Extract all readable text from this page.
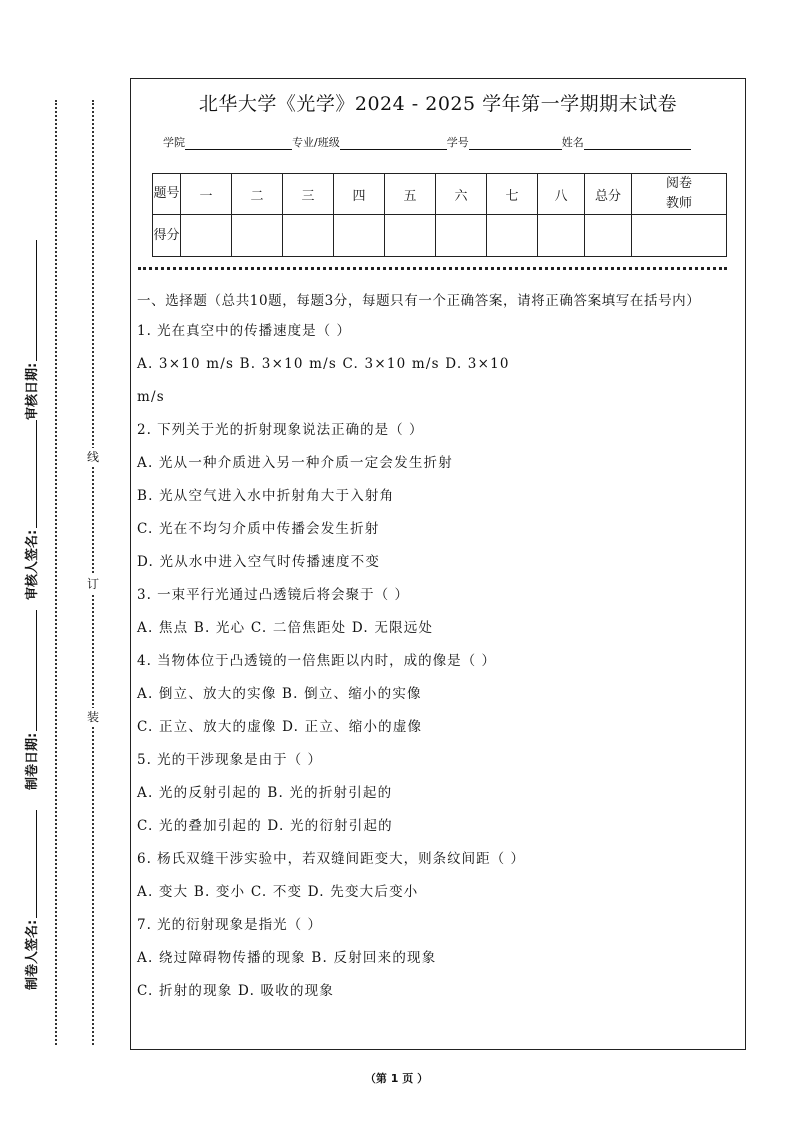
审核日期:
审核人签名:
制卷日期:
制卷人签名:
线
订
装
北华大学《光学》2024 - 2025 学年第一学期期末试卷
学院	专业/班级	学号	姓名
题号	一	二	三	四	五	六	七	八	总分	阅卷教师

得分										
一、选择题（总共10题，每题3分，每题只有一个正确答案，请将正确答案填写在括号内）
1. 光在真空中的传播速度是（ ）
A. 3×10 m/s B. 3×10 m/s C. 3×10 m/s D. 3×10
m/s
2. 下列关于光的折射现象说法正确的是（ ）
A. 光从一种介质进入另一种介质一定会发生折射
B. 光从空气进入水中折射角大于入射角
C. 光在不均匀介质中传播会发生折射
D. 光从水中进入空气时传播速度不变
3. 一束平行光通过凸透镜后将会聚于（ ）
A. 焦点 B. 光心 C. 二倍焦距处 D. 无限远处
4. 当物体位于凸透镜的一倍焦距以内时，成的像是（ ）
A. 倒立、放大的实像 B. 倒立、缩小的实像
C. 正立、放大的虚像 D. 正立、缩小的虚像
5. 光的干涉现象是由于（ ）
A. 光的反射引起的 B. 光的折射引起的
C. 光的叠加引起的 D. 光的衍射引起的
6. 杨氏双缝干涉实验中，若双缝间距变大，则条纹间距（ ）
A. 变大 B. 变小 C. 不变 D. 先变大后变小
7. 光的衍射现象是指光（ ）
A. 绕过障碍物传播的现象 B. 反射回来的现象
C. 折射的现象 D. 吸收的现象
（第 1 页 ）
